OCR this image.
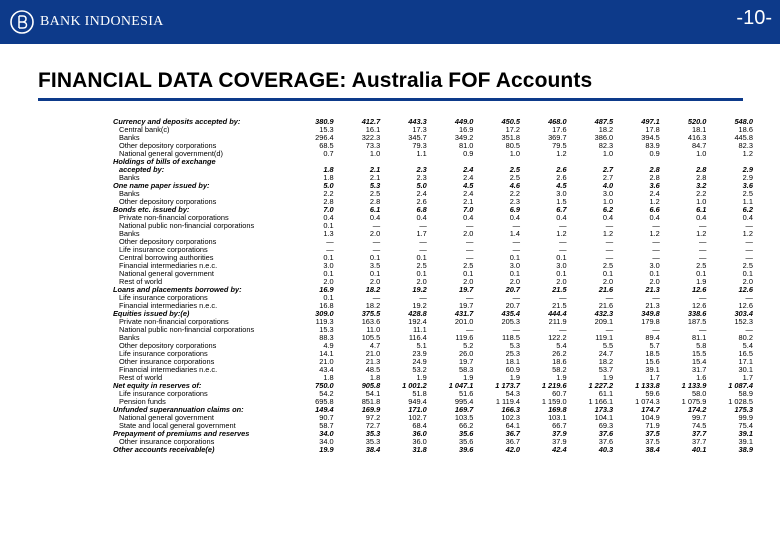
BANK INDONESIA	-10-
FINANCIAL DATA COVERAGE: Australia FOF Accounts
Currency and deposits accepted by:	380.9	412.7	443.3	449.0	450.5	468.0	487.5	497.1	520.0	548.0
Central bank(c)	15.3	16.1	17.3	16.9	17.2	17.6	18.2	17.8	18.1	18.6
Banks	296.4	322.3	345.7	349.2	351.8	369.7	386.0	394.5	416.3	445.8
Other depository corporations	68.5	73.3	79.3	81.0	80.5	79.5	82.3	83.9	84.7	82.3
National general government(d)	0.7	1.0	1.1	0.9	1.0	1.2	1.0	0.9	1.0	1.2
Holdings of bills of exchange										
accepted by:	1.8	2.1	2.3	2.4	2.5	2.6	2.7	2.8	2.8	2.9
Banks	1.8	2.1	2.3	2.4	2.5	2.6	2.7	2.8	2.8	2.9
One name paper issued by:	5.0	5.3	5.0	4.5	4.6	4.5	4.0	3.6	3.2	3.6
Banks	2.2	2.5	2.4	2.4	2.2	3.0	3.0	2.4	2.2	2.5
Other depository corporations	2.8	2.8	2.6	2.1	2.3	1.5	1.0	1.2	1.0	1.1
Bonds etc. issued by:	7.0	6.1	6.8	7.0	6.9	6.7	6.2	6.6	6.1	6.2
Private non-financial corporations	0.4	0.4	0.4	0.4	0.4	0.4	0.4	0.4	0.4	0.4
National public non-financial corporations	0.1	—	—	—	—	—	—	—	—	—
Banks	1.3	2.0	1.7	2.0	1.4	1.2	1.2	1.2	1.2	1.2
Other depository corporations	—	—	—	—	—	—	—	—	—	—
Life insurance corporations	—	—	—	—	—	—	—	—	—	—
Central borrowing authorities	0.1	0.1	0.1	—	0.1	0.1	—	—	—	—
Financial intermediaries n.e.c.	3.0	3.5	2.5	2.5	3.0	3.0	2.5	3.0	2.5	2.5
National general government	0.1	0.1	0.1	0.1	0.1	0.1	0.1	0.1	0.1	0.1
Rest of world	2.0	2.0	2.0	2.0	2.0	2.0	2.0	2.0	1.9	2.0
Loans and placements borrowed by:	16.9	18.2	19.2	19.7	20.7	21.5	21.6	21.3	12.6	12.6
Life insurance corporations	0.1	—	—	—	—	—	—	—	—	—
Financial intermediaries n.e.c.	16.8	18.2	19.2	19.7	20.7	21.5	21.6	21.3	12.6	12.6
Equities issued by:(e)	309.0	375.5	428.8	431.7	435.4	444.4	432.3	349.8	338.6	303.4
Private non-financial corporations	119.3	163.6	192.4	201.0	205.3	211.9	209.1	179.8	187.5	152.3
National public non-financial corporations	15.3	11.0	11.1	—	—	—	—	—	—	—
Banks	88.3	105.5	116.4	119.6	118.5	122.2	119.1	89.4	81.1	80.2
Other depository corporations	4.9	4.7	5.1	5.2	5.3	5.4	5.5	5.7	5.8	5.4
Life insurance corporations	14.1	21.0	23.9	26.0	25.3	26.2	24.7	18.5	15.5	16.5
Other insurance corporations	21.0	21.3	24.9	19.7	18.1	18.6	18.2	15.6	15.4	17.1
Financial intermediaries n.e.c.	43.4	48.5	53.2	58.3	60.9	58.2	53.7	39.1	31.7	30.1
Rest of world	1.8	1.8	1.9	1.9	1.9	1.9	1.9	1.7	1.6	1.7
Net equity in reserves of:	750.0	905.8	1 001.2	1 047.1	1 173.7	1 219.6	1 227.2	1 133.8	1 133.9	1 087.4
Life insurance corporations	54.2	54.1	51.8	51.6	54.3	60.7	61.1	59.6	58.0	58.9
Pension funds	695.8	851.8	949.4	995.4	1 119.4	1 159.0	1 166.1	1 074.3	1 075.9	1 028.5
Unfunded superannuation claims on:	149.4	169.9	171.0	169.7	166.3	169.8	173.3	174.7	174.2	175.3
National general government	90.7	97.2	102.7	103.5	102.3	103.1	104.1	104.9	99.7	99.9
State and local general government	58.7	72.7	68.4	66.2	64.1	66.7	69.3	71.9	74.5	75.4
Prepayment of premiums and reserves	34.0	35.3	36.0	35.6	36.7	37.9	37.6	37.5	37.7	39.1
Other insurance corporations	34.0	35.3	36.0	35.6	36.7	37.9	37.6	37.5	37.7	39.1
Other accounts receivable(e)	19.9	38.4	31.8	39.6	42.0	42.4	40.3	38.4	40.1	38.9
